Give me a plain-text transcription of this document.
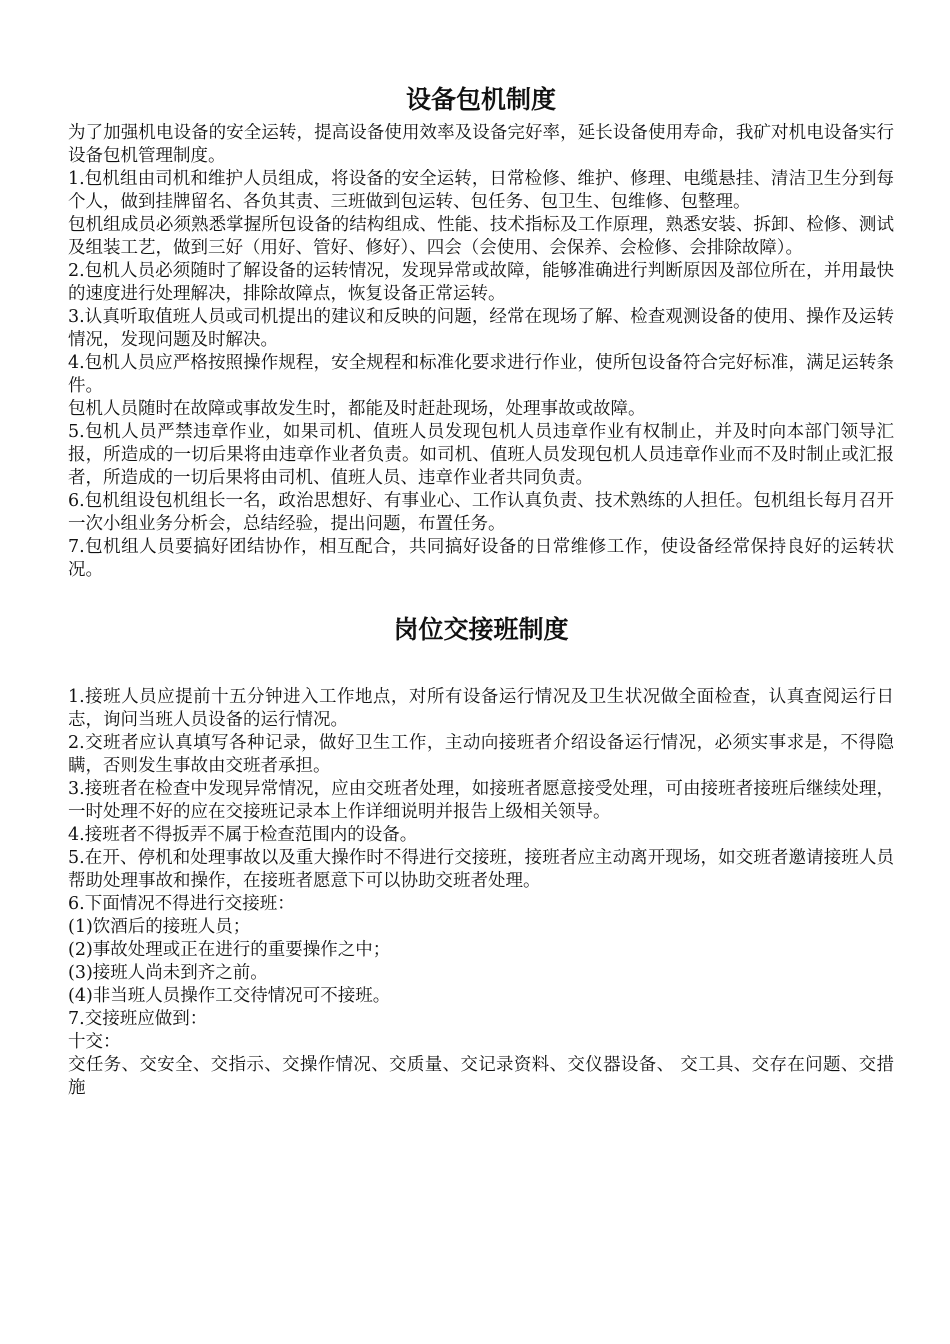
设备包机制度

为了加强机电设备的安全运转，提高设备使用效率及设备完好率，延长设备使用寿命，我矿对机电设备实行设备包机管理制度。

1.包机组由司机和维护人员组成，将设备的安全运转，日常检修、维护、修理、电缆悬挂、清洁卫生分到每个人，做到挂牌留名、各负其责、三班做到包运转、包任务、包卫生、包维修、包整理。

包机组成员必须熟悉掌握所包设备的结构组成、性能、技术指标及工作原理，熟悉安装、拆卸、检修、测试及组装工艺，做到三好（用好、管好、修好）、四会（会使用、会保养、会检修、会排除故障）。

2.包机人员必须随时了解设备的运转情况，发现异常或故障，能够准确进行判断原因及部位所在，并用最快的速度进行处理解决，排除故障点，恢复设备正常运转。

3.认真听取值班人员或司机提出的建议和反映的问题，经常在现场了解、检查观测设备的使用、操作及运转情况，发现问题及时解决。

4.包机人员应严格按照操作规程，安全规程和标准化要求进行作业，使所包设备符合完好标准，满足运转条件。

包机人员随时在故障或事故发生时，都能及时赶赴现场，处理事故或故障。

5.包机人员严禁违章作业，如果司机、值班人员发现包机人员违章作业有权制止，并及时向本部门领导汇报，所造成的一切后果将由违章作业者负责。如司机、值班人员发现包机人员违章作业而不及时制止或汇报者，所造成的一切后果将由司机、值班人员、违章作业者共同负责。

6.包机组设包机组长一名，政治思想好、有事业心、工作认真负责、技术熟练的人担任。包机组长每月召开一次小组业务分析会，总结经验，提出问题，布置任务。

7.包机组人员要搞好团结协作，相互配合，共同搞好设备的日常维修工作，使设备经常保持良好的运转状况。

岗位交接班制度

1.接班人员应提前十五分钟进入工作地点，对所有设备运行情况及卫生状况做全面检查，认真查阅运行日志，询问当班人员设备的运行情况。

2.交班者应认真填写各种记录，做好卫生工作，主动向接班者介绍设备运行情况，必须实事求是，不得隐瞒，否则发生事故由交班者承担。

3.接班者在检查中发现异常情况，应由交班者处理，如接班者愿意接受处理，可由接班者接班后继续处理，一时处理不好的应在交接班记录本上作详细说明并报告上级相关领导。

4.接班者不得扳弄不属于检查范围内的设备。

5.在开、停机和处理事故以及重大操作时不得进行交接班，接班者应主动离开现场，如交班者邀请接班人员帮助处理事故和操作，在接班者愿意下可以协助交班者处理。

6.下面情况不得进行交接班：

(1)饮酒后的接班人员；

(2)事故处理或正在进行的重要操作之中；

(3)接班人尚未到齐之前。

(4)非当班人员操作工交待情况可不接班。

7.交接班应做到：

十交：

交任务、交安全、交指示、交操作情况、交质量、交记录资料、交仪器设备、 交工具、交存在问题、交措施
